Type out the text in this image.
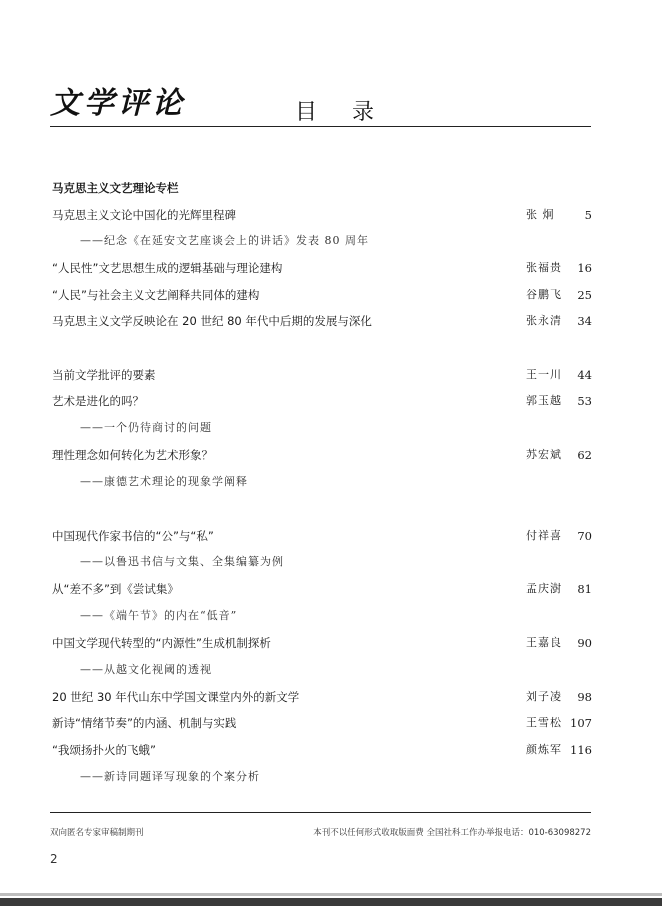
文学评论	目 录
马克思主义文艺理论专栏
马克思主义文论中国化的光辉里程碑	张 炯	5
——纪念《在延安文艺座谈会上的讲话》发表 80 周年
“人民性”文艺思想生成的逻辑基础与理论建构	张福贵 16
“人民”与社会主义文艺阐释共同体的建构	谷鹏飞 25
马克思主义文学反映论在 20 世纪 80 年代中后期的发展与深化	张永清 34
当前文学批评的要素	王一川 44
艺术是进化的吗？	郭玉越 53
——一个仍待商讨的问题
理性理念如何转化为艺术形象？	苏宏斌 62
——康德艺术理论的现象学阐释
中国现代作家书信的“公”与“私”	付祥喜 70
——以鲁迅书信与文集、全集编纂为例
从“差不多”到《尝试集》	孟庆澍 81
——《端午节》的内在“低音”
中国文学现代转型的“内源性”生成机制探析	王嘉良 90
——从越文化视阈的透视
20 世纪 30 年代山东中学国文课堂内外的新文学	刘子凌 98
新诗“情绪节奏”的内涵、机制与实践	王雪松 107
“我颂扬扑火的飞蛾”	颜炼军 116
——新诗同题译写现象的个案分析
双向匿名专家审稿制期刊	本刊不以任何形式收取版面费 全国社科工作办举报电话：010-63098272
2
